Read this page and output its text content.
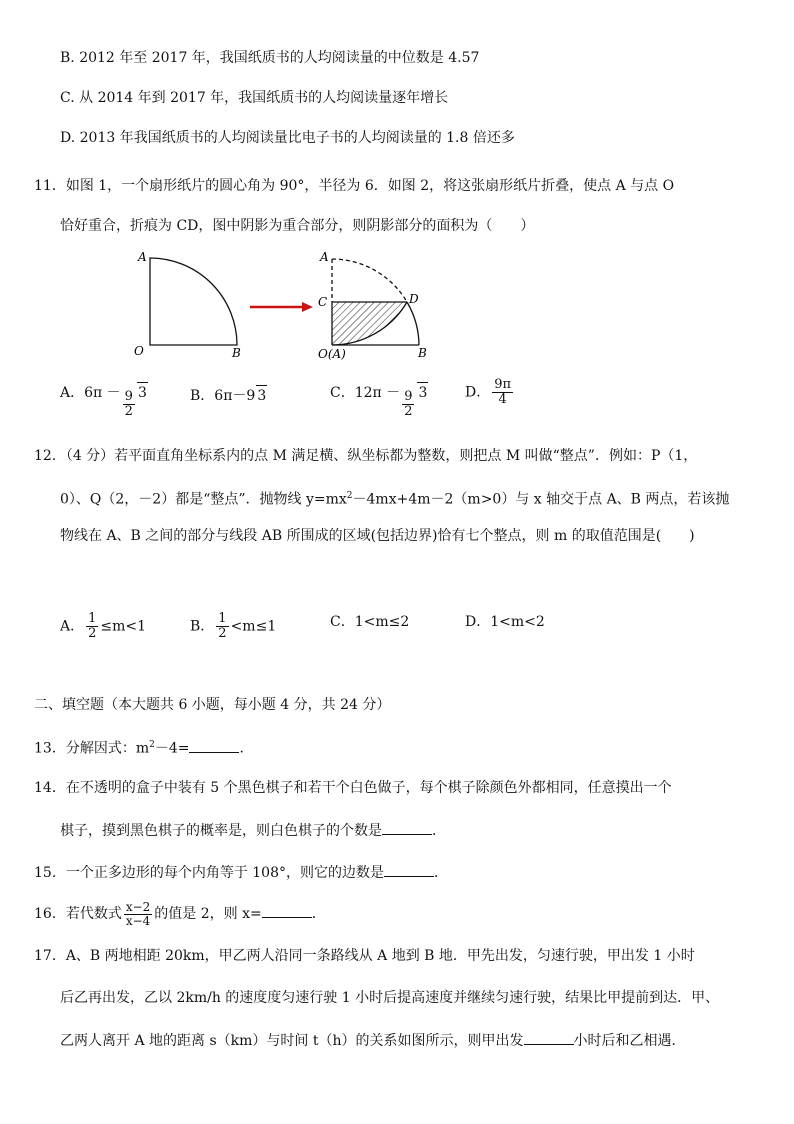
B. 2012 年至 2017 年，我国纸质书的人均阅读量的中位数是 4.57
C. 从 2014 年到 2017 年，我国纸质书的人均阅读量逐年增长
D. 2013 年我国纸质书的人均阅读量比电子书的人均阅读量的 1.8 倍还多
11．如图 1，一个扇形纸片的圆心角为 90°，半径为 6．如图 2，将这张扇形纸片折叠，使点 A 与点 O
恰好重合，折痕为 CD，图中阴影为重合部分，则阴影部分的面积为（　　）
A
O	B
A
C	D
O(A)	B
A．$6\pi - \frac{9}{2} 3$	B．6π－9 3	C．$12\pi - \frac{9}{2} 3$	D． $\frac{9\pi}{4}$
12．（4 分）若平面直角坐标系内的点 M 满足横、纵坐标都为整数，则把点 M 叫做“整点”．例如：P（1，
0）、Q（2，－2）都是“整点”．抛物线 $y=mx^2-4mx+4m-2(m>0)$与 x 轴交于点 A、B 两点，若该抛
物线在 A、B 之间的部分与线段 AB 所围成的区域(包括边界)恰有七个整点，则 m 的取值范围是(　　)
A． $\frac{1}{2} \le m<1$	B． $\frac{1}{2} <m\le 1$	C．1<m≤2	D．1<m<2
二、填空题（本大题共 6 小题，每小题 4 分，共 24 分）
13．分解因式：$m^2-4=$	．
14．在不透明的盒子中装有 5 个黑色棋子和若干个白色做子，每个棋子除颜色外都相同，任意摸出一个
棋子，摸到黑色棋子的概率是，则白色棋子的个数是	．
15．一个正多边形的每个内角等于 108°，则它的边数是	．
16．若代数式 $\frac{x-2}{x-4}$ 的值是 2，则 x=	．
17．A、B 两地相距 20km，甲乙两人沿同一条路线从 A 地到 B 地．甲先出发，匀速行驶，甲出发 1 小时
后乙再出发，乙以 2km/h 的速度度匀速行驶 1 小时后提高速度并继续匀速行驶，结果比甲提前到达．甲、
乙两人离开 A 地的距离 s（km）与时间 t（h）的关系如图所示，则甲出发	小时后和乙相遇．
